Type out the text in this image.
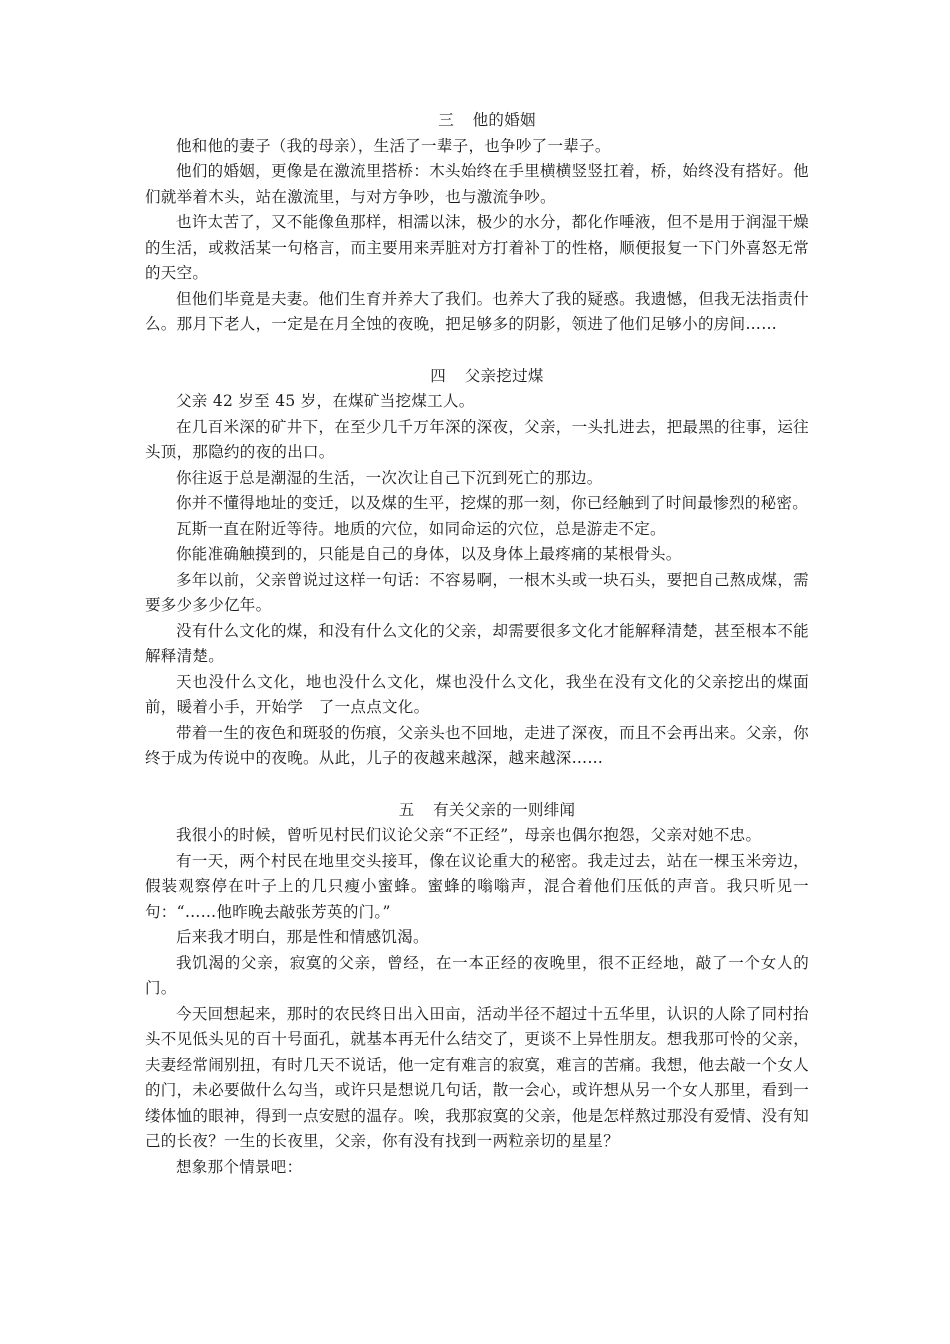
三 他的婚姻

他和他的妻子（我的母亲），生活了一辈子，也争吵了一辈子。

他们的婚姻，更像是在激流里搭桥：木头始终在手里横横竖竖扛着，桥，始终没有搭好。他们就举着木头，站在激流里，与对方争吵，也与激流争吵。

也许太苦了，又不能像鱼那样，相濡以沫，极少的水分，都化作唾液，但不是用于润湿干燥的生活，或救活某一句格言，而主要用来弄脏对方打着补丁的性格，顺便报复一下门外喜怒无常的天空。

但他们毕竟是夫妻。他们生育并养大了我们。也养大了我的疑惑。我遗憾，但我无法指责什么。那月下老人，一定是在月全蚀的夜晚，把足够多的阴影，领进了他们足够小的房间……

四 父亲挖过煤

父亲 42 岁至 45 岁，在煤矿当挖煤工人。

在几百米深的矿井下，在至少几千万年深的深夜，父亲，一头扎进去，把最黑的往事，运往头顶，那隐约的夜的出口。

你往返于总是潮湿的生活，一次次让自己下沉到死亡的那边。

你并不懂得地址的变迁，以及煤的生平，挖煤的那一刻，你已经触到了时间最惨烈的秘密。

瓦斯一直在附近等待。地质的穴位，如同命运的穴位，总是游走不定。

你能准确触摸到的，只能是自己的身体，以及身体上最疼痛的某根骨头。

多年以前，父亲曾说过这样一句话：不容易啊，一根木头或一块石头，要把自己熬成煤，需要多少多少亿年。

没有什么文化的煤，和没有什么文化的父亲，却需要很多文化才能解释清楚，甚至根本不能解释清楚。

天也没什么文化，地也没什么文化，煤也没什么文化，我坐在没有文化的父亲挖出的煤面前，暖着小手，开始学　了一点点文化。

带着一生的夜色和斑驳的伤痕，父亲头也不回地，走进了深夜，而且不会再出来。父亲，你终于成为传说中的夜晚。从此，儿子的夜越来越深，越来越深……

五 有关父亲的一则绯闻

我很小的时候，曾听见村民们议论父亲“不正经”，母亲也偶尔抱怨，父亲对她不忠。

有一天，两个村民在地里交头接耳，像在议论重大的秘密。我走过去，站在一棵玉米旁边，假装观察停在叶子上的几只瘦小蜜蜂。蜜蜂的嗡嗡声，混合着他们压低的声音。我只听见一句：“……他昨晚去敲张芳英的门。”

后来我才明白，那是性和情感饥渴。

我饥渴的父亲，寂寞的父亲，曾经，在一本正经的夜晚里，很不正经地，敲了一个女人的门。

今天回想起来，那时的农民终日出入田亩，活动半径不超过十五华里，认识的人除了同村抬头不见低头见的百十号面孔，就基本再无什么结交了，更谈不上异性朋友。想我那可怜的父亲，夫妻经常闹别扭，有时几天不说话，他一定有难言的寂寞，难言的苦痛。我想，他去敲一个女人的门，未必要做什么勾当，或许只是想说几句话，散一会心，或许想从另一个女人那里，看到一缕体恤的眼神，得到一点安慰的温存。唉，我那寂寞的父亲，他是怎样熬过那没有爱情、没有知己的长夜？一生的长夜里，父亲，你有没有找到一两粒亲切的星星？

想象那个情景吧：
